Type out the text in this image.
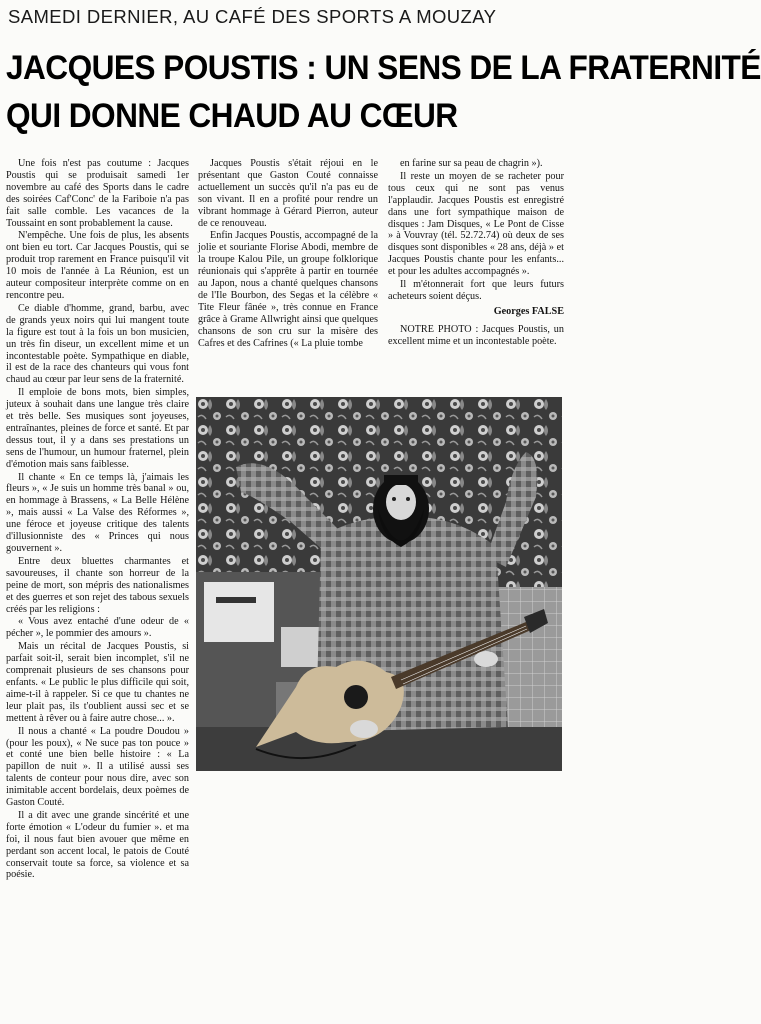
SAMEDI DERNIER, AU CAFÉ DES SPORTS A MOUZAY
JACQUES POUSTIS : UN SENS DE LA FRATERNITÉ
QUI DONNE CHAUD AU CŒUR

Une fois n'est pas coutume : Jacques Poustis qui se produisait samedi 1er novembre au café des Sports dans le cadre des soirées Caf'Conc' de la Fariboie n'a pas fait salle comble. Les vacances de la Toussaint en sont probablement la cause.

N'empêche. Une fois de plus, les absents ont bien eu tort. Car Jacques Poustis, qui se produit trop rarement en France puisqu'il vit 10 mois de l'année à La Réunion, est un auteur compositeur interprète comme on en rencontre peu.

Ce diable d'homme, grand, barbu, avec de grands yeux noirs qui lui mangent toute la figure est tout à la fois un bon musicien, un très fin diseur, un excellent mime et un incontestable poète. Sympathique en diable, il est de la race des chanteurs qui vous font chaud au cœur par leur sens de la fraternité.

Il emploie de bons mots, bien simples, juteux à souhait dans une langue très claire et très belle. Ses musiques sont joyeuses, entraînantes, pleines de force et santé. Et par dessus tout, il y a dans ses prestations un sens de l'humour, un humour fraternel, plein d'émotion mais sans faiblesse.

Il chante « En ce temps là, j'aimais les fleurs », « Je suis un homme très banal » ou, en hommage à Brassens, « La Belle Hélène », mais aussi « La Valse des Réformes », une féroce et joyeuse critique des talents d'illusionniste des « Princes qui nous gouvernent ».

Entre deux bluettes charmantes et savoureuses, il chante son horreur de la peine de mort, son mépris des nationalismes et des guerres et son rejet des tabous sexuels créés par les religions :

« Vous avez entaché d'une odeur de « pécher », le pommier des amours ».

Mais un récital de Jacques Poustis, si parfait soit-il, serait bien incomplet, s'il ne comprenait plusieurs de ses chansons pour enfants. « Le public le plus difficile qui soit, aime-t-il à rappeler. Si ce que tu chantes ne leur plait pas, ils t'oublient aussi sec et se mettent à rêver ou à faire autre chose... ».

Il nous a chanté « La poudre Doudou » (pour les poux), « Ne suce pas ton pouce » et conté une bien belle histoire : « La papillon de nuit ». Il a utilisé aussi ses talents de conteur pour nous dire, avec son inimitable accent bordelais, deux poèmes de Gaston Couté.

Il a dit avec une grande sincérité et une forte émotion « L'odeur du fumier ». et ma foi, il nous faut bien avouer que même en perdant son accent local, le patois de Couté conservait toute sa force, sa violence et sa poésie.

Jacques Poustis s'était réjoui en le présentant que Gaston Couté connaisse actuellement un succès qu'il n'a pas eu de son vivant. Il en a profité pour rendre un vibrant hommage à Gérard Pierron, auteur de ce renouveau.

Enfin Jacques Poustis, accompagné de la jolie et souriante Florise Abodi, membre de la troupe Kalou Pile, un groupe folklorique réunionais qui s'apprête à partir en tournée au Japon, nous a chanté quelques chansons de l'Ile Bourbon, des Segas et la célèbre « Tite Fleur fânée », très connue en France grâce à Grame Allwright ainsi que quelques chansons de son cru sur la misère des Cafres et des Cafrines (« La pluie tombe

en farine sur sa peau de chagrin »).

Il reste un moyen de se racheter pour tous ceux qui ne sont pas venus l'applaudir. Jacques Poustis est enregistré dans une fort sympathique maison de disques : Jam Disques, « Le Pont de Cisse » à Vouvray (tél. 52.72.74) où deux de ses disques sont disponibles « 28 ans, déjà » et Jacques Poustis chante pour les enfants... et pour les adultes accompagnés ».

Il m'étonnerait fort que leurs futurs acheteurs soient déçus.

Georges FALSE

NOTRE PHOTO : Jacques Poustis, un excellent mime et un incontestable poète.
